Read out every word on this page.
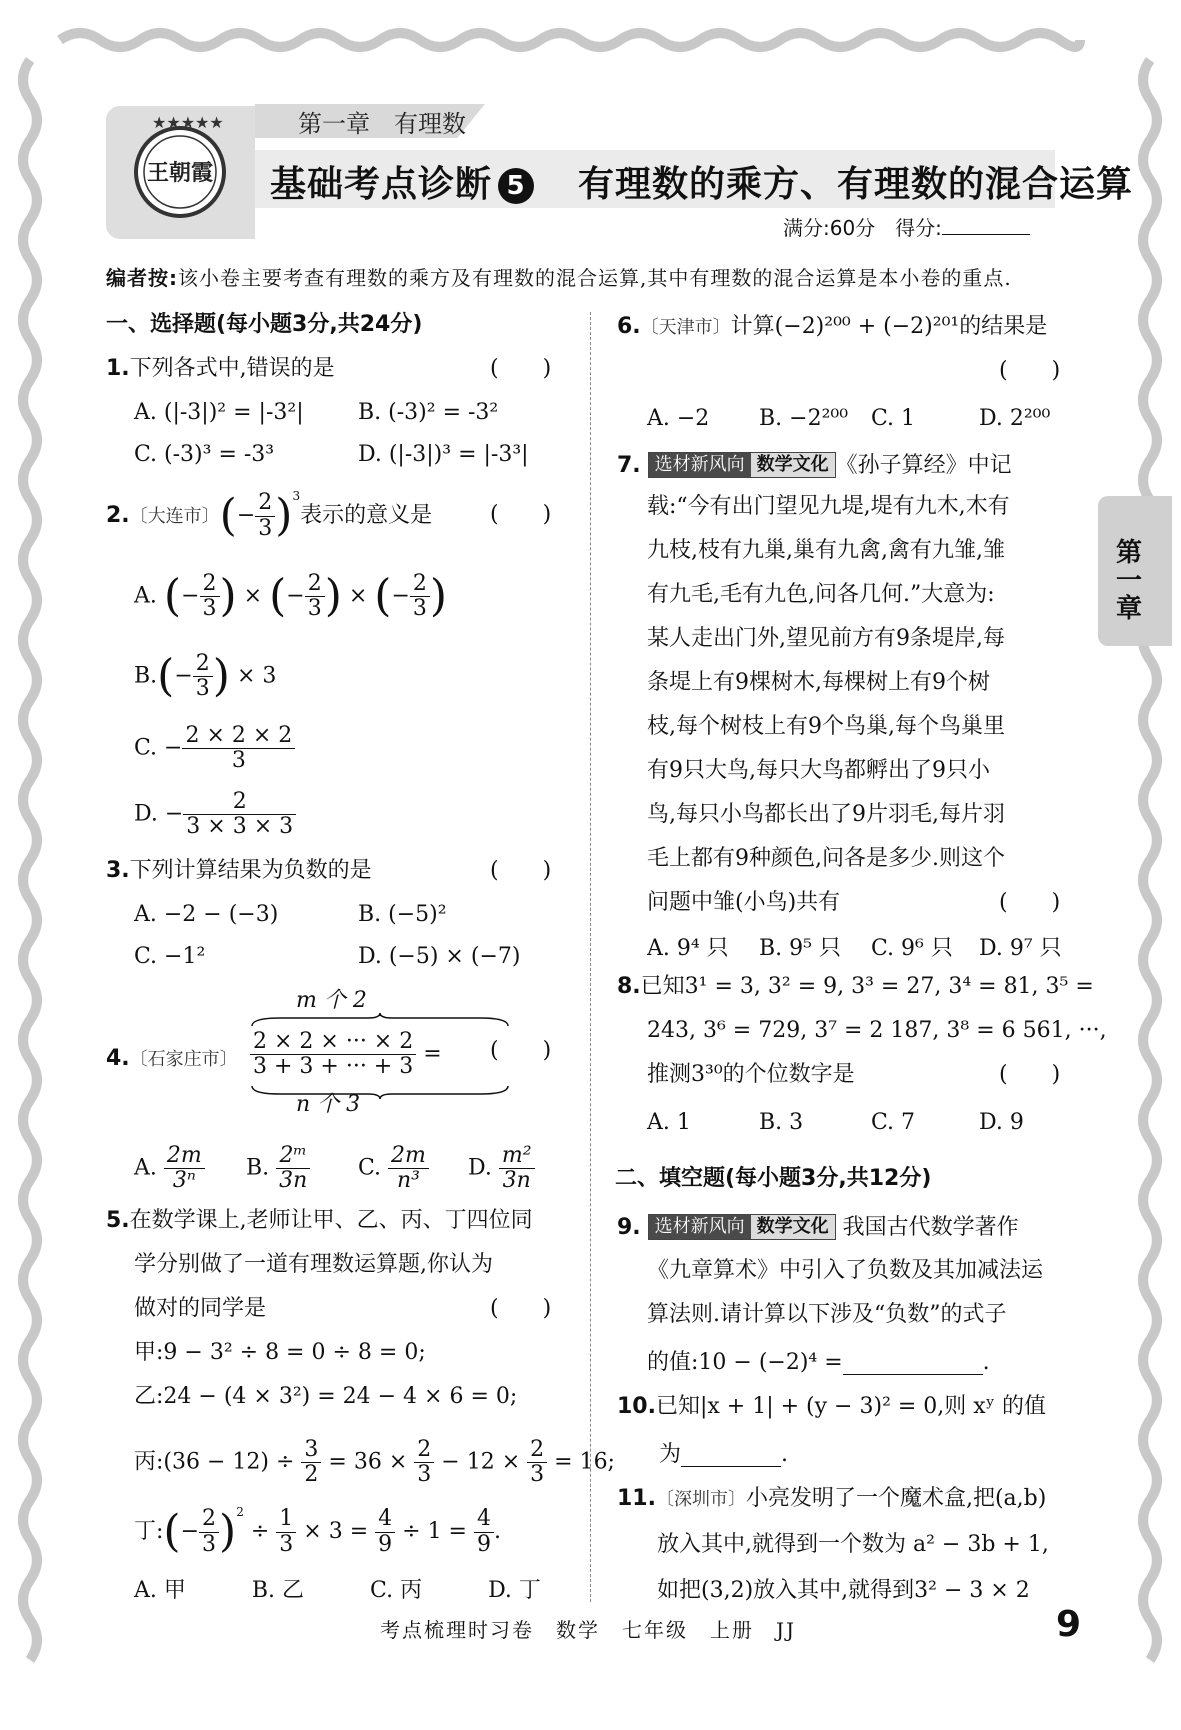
第一章　有理数
★★★★★
王朝霞 基础考点诊断 5 有理数的乘方、有理数的混合运算
满分:60分　得分:
编者按:该小卷主要考查有理数的乘方及有理数的混合运算,其中有理数的混合运算是本小卷的重点.
一、选择题(每小题3分,共24分)
1.下列各式中,错误的是	(　　)
A. (|-3|)² = |-3²| B. (-3)² = -3²
C. (-3)³ = -3³	D. (|-3|)³ = |-3³|
2.〔大连市〕(− $\frac{2}{3} )^3$表示的意义是	(　　)
A. (− $\frac{2}{3}$ ) × (− $\frac{2}{3}$ ) × (− $\frac{2}{3}$ )
$B.(- \frac{2}{3}$ ) × 3
C. − $\frac{2 \times 2 \times 2}{3}$
D. − $\frac{2}{3 \times 3 \times 3}$
3.下列计算结果为负数的是	(　　)
A. −2 − (−3)	B. (−5)²
C. −1²	D. (−5) × (−7)
m 个 2
4.〔石家庄市〕 $\frac{2 \times 2 \times \cdot\cdot\cdot \times 2}{3 + 3 + \cdot\cdot\cdot + 3}$ =
n 个 3
(　　)
A. $\frac{2m}{\text{3ⁿ}} B$. $\frac{\text{2ᵐ}}{3n} C$. $\frac{2m}{\text{n³}} D$. $\frac{\text{m²}}{3n}$
5.在数学课上,老师让甲、乙、丙、丁四位同
学分别做了一道有理数运算题,你认为
做对的同学是	(　　)
甲:9 − 3² ÷ 8 = 0 ÷ 8 = 0;
乙:24 − (4 × 3²) = 24 − 4 × 6 = 0;
丙:(36 − $12) \div \frac{3}{2} = 36 \times \frac{2}{3} - 12 \times \frac{2}{3} = 16$;
丁:(− $\frac{2}{3} )^2 \div \frac{1}{3} \times 3 = \frac{4}{9} \div 1 = \frac{4}{9}$ .
A. 甲　　　B. 乙　　　C. 丙　　　D. 丁
6.〔天津市〕计算(−2)²⁰⁰ + (−2)²⁰¹的结果是
(　　)
A. −2 B. −2²⁰⁰ C. 1	D. 2²⁰⁰
7. 选材新风向 数学文化 《孙子算经》中记
载:“今有出门望见九堤,堤有九木,木有
九枝,枝有九巢,巢有九禽,禽有九雏,雏
有九毛,毛有九色,问各几何.”大意为:
某人走出门外,望见前方有9条堤岸,每
条堤上有9棵树木,每棵树上有9个树
枝,每个树枝上有9个鸟巢,每个鸟巢里
有9只大鸟,每只大鸟都孵出了9只小
鸟,每只小鸟都长出了9片羽毛,每片羽
毛上都有9种颜色,问各是多少.则这个
问题中雏(小鸟)共有	(　　)
A. 9⁴ 只 B. 9⁵ 只 C. 9⁶ 只 D. 9⁷ 只
8.已知3¹ = 3, 3² = 9, 3³ = 27, 3⁴ = 81, 3⁵ =
243, 3⁶ = 729, 3⁷ = 2 187, 3⁸ = 6 561, ···,
推测3³⁰的个位数字是	(　　)
A. 1	B. 3	C. 7	D. 9
二、填空题(每小题3分,共12分)
9. 选材新风向 数学文化 我国古代数学著作
《九章算术》中引入了负数及其加减法运
算法则.请计算以下涉及“负数”的式子
的值:10 − (−2)⁴ =	.
10.已知|x + 1| + (y − 3)² = 0,则 xʸ 的值
为	.
11.〔深圳市〕小亮发明了一个魔术盒,把(a,b)
放入其中,就得到一个数为 a² − 3b + 1,
如把(3,2)放入其中,就得到3² − 3 × 2
第
一
章
考点梳理时习卷　数学　七年级　上册　JJ	9
